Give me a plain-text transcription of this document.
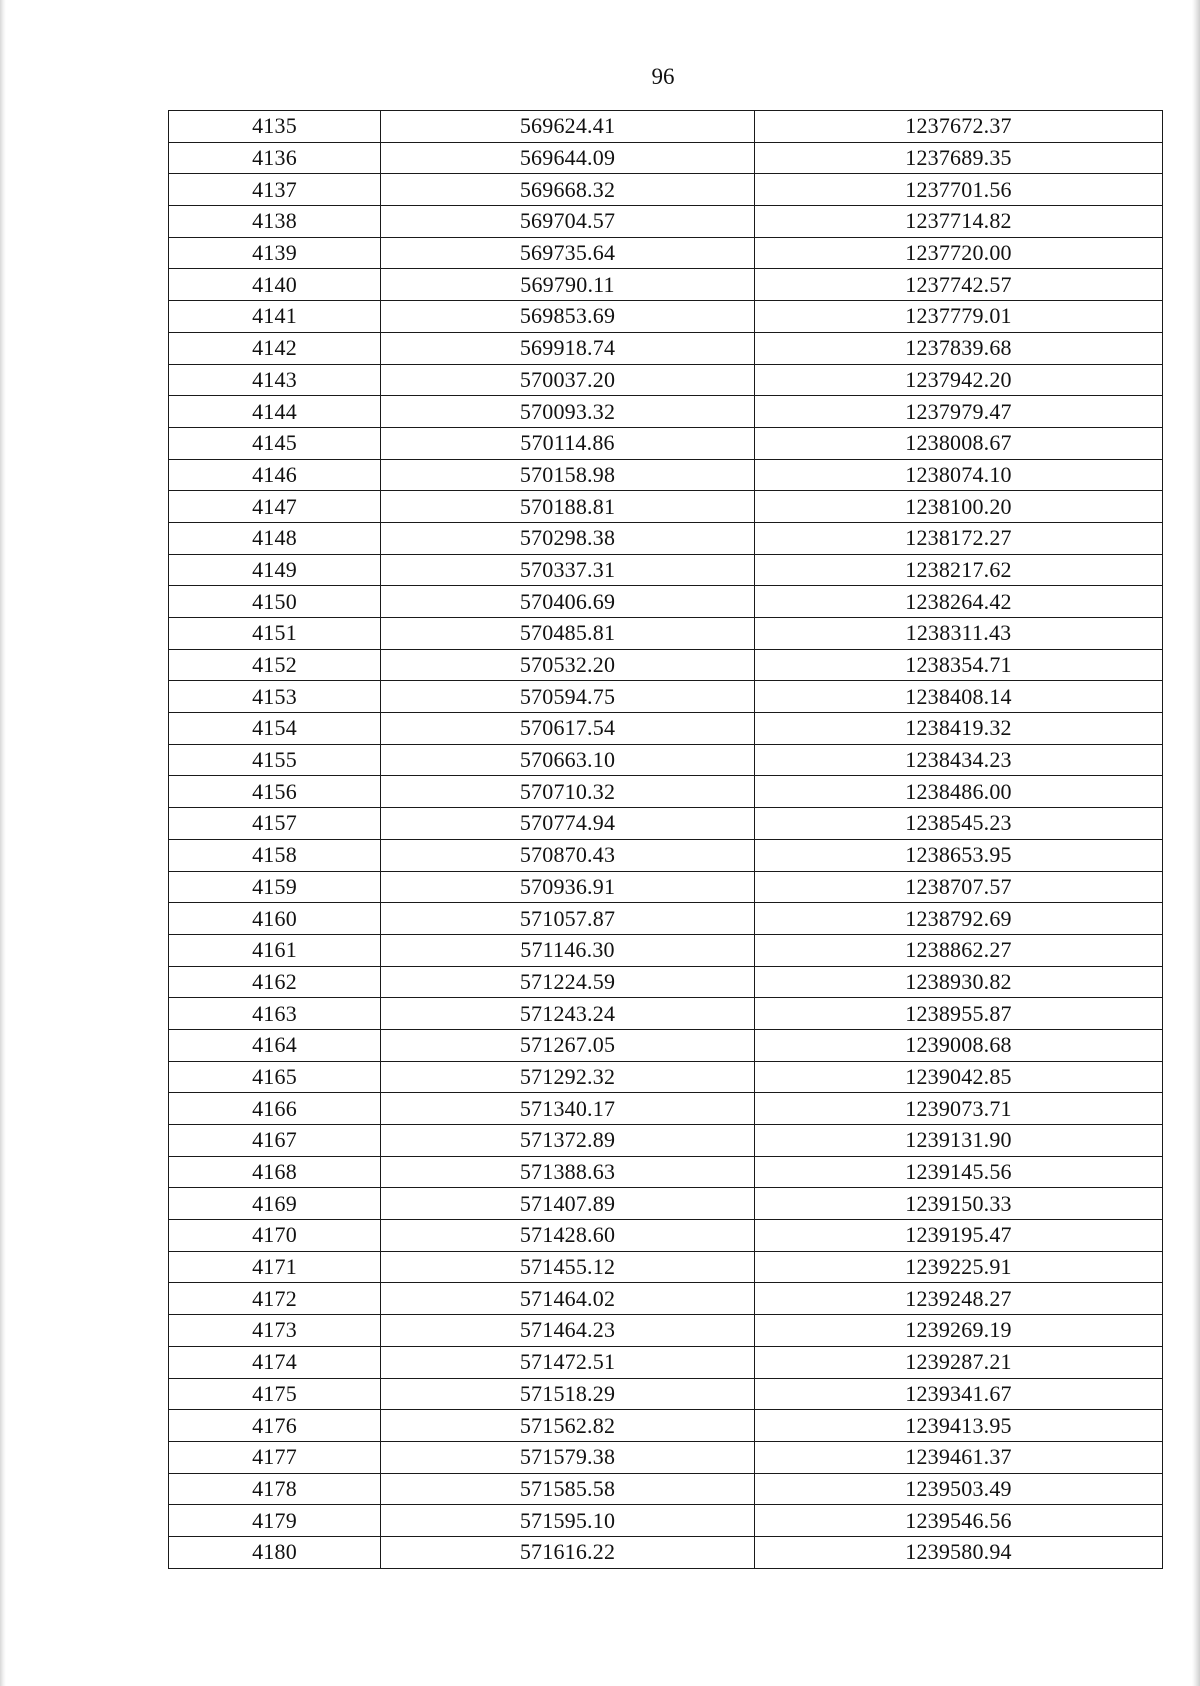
96
4135	569624.41	1237672.37
4136	569644.09	1237689.35
4137	569668.32	1237701.56
4138	569704.57	1237714.82
4139	569735.64	1237720.00
4140	569790.11	1237742.57
4141	569853.69	1237779.01
4142	569918.74	1237839.68
4143	570037.20	1237942.20
4144	570093.32	1237979.47
4145	570114.86	1238008.67
4146	570158.98	1238074.10
4147	570188.81	1238100.20
4148	570298.38	1238172.27
4149	570337.31	1238217.62
4150	570406.69	1238264.42
4151	570485.81	1238311.43
4152	570532.20	1238354.71
4153	570594.75	1238408.14
4154	570617.54	1238419.32
4155	570663.10	1238434.23
4156	570710.32	1238486.00
4157	570774.94	1238545.23
4158	570870.43	1238653.95
4159	570936.91	1238707.57
4160	571057.87	1238792.69
4161	571146.30	1238862.27
4162	571224.59	1238930.82
4163	571243.24	1238955.87
4164	571267.05	1239008.68
4165	571292.32	1239042.85
4166	571340.17	1239073.71
4167	571372.89	1239131.90
4168	571388.63	1239145.56
4169	571407.89	1239150.33
4170	571428.60	1239195.47
4171	571455.12	1239225.91
4172	571464.02	1239248.27
4173	571464.23	1239269.19
4174	571472.51	1239287.21
4175	571518.29	1239341.67
4176	571562.82	1239413.95
4177	571579.38	1239461.37
4178	571585.58	1239503.49
4179	571595.10	1239546.56
4180	571616.22	1239580.94
